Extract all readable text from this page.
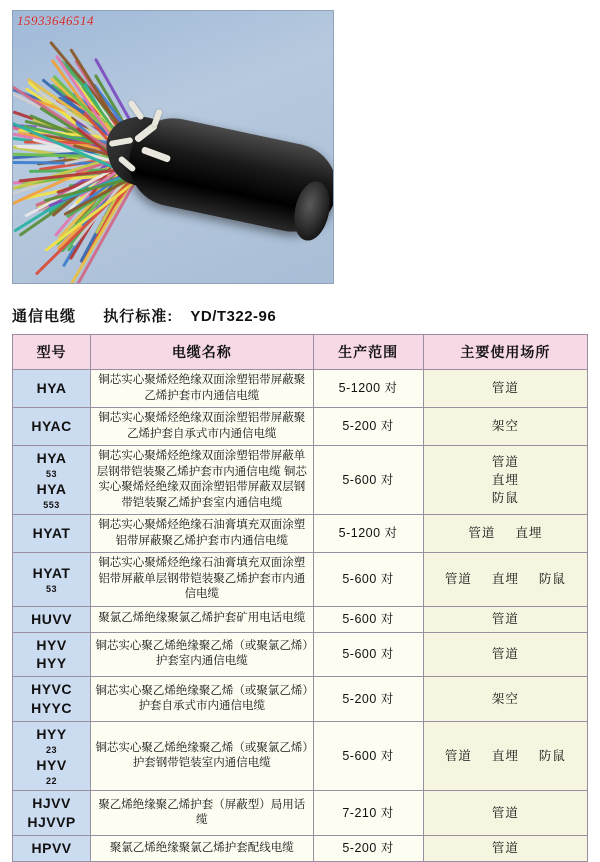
15933646514
通信电缆 执行标准: YD/T322-96
型号	电缆名称	生产范围	主要使用场所

HYA	铜芯实心聚烯烃绝缘双面涂塑铝带屏蔽聚乙烯护套市内通信电缆	5-1200 对	管道

HYAC	铜芯实心聚烯烃绝缘双面涂塑铝带屏蔽聚乙烯护套自承式市内通信电缆	5-200 对	架空

HYA
53
HYA
553	铜芯实心聚烯烃绝缘双面涂塑铝带屏蔽单层钢带铠装聚乙烯护套市内通信电缆 铜芯实心聚烯烃绝缘双面涂塑铝带屏蔽双层钢带铠装聚乙烯护套室内通信电缆	5-600 对	管道
直埋
防鼠

HYAT	铜芯实心聚烯烃绝缘石油膏填充双面涂塑铝带屏蔽聚乙烯护套市内通信电缆	5-1200 对	管道 直埋

HYAT
53	铜芯实心聚烯烃绝缘石油膏填充双面涂塑铝带屏蔽单层钢带铠装聚乙烯护套市内通信电缆	5-600 对	管道 直埋 防鼠

HUVV	聚氯乙烯绝缘聚氯乙烯护套矿用电话电缆	5-600 对	管道

HYV
HYY	铜芯实心聚乙烯绝缘聚乙烯（或聚氯乙烯）护套室内通信电缆	5-600 对	管道

HYVC
HYYC	铜芯实心聚乙烯绝缘聚乙烯（或聚氯乙烯）护套自承式市内通信电缆	5-200 对	架空

HYY
23
HYV
22	铜芯实心聚乙烯绝缘聚乙烯（或聚氯乙烯）护套钢带铠装室内通信电缆	5-600 对	管道 直埋 防鼠

HJVV
HJVVP	聚乙烯绝缘聚乙烯护套（屏蔽型）局用话缆	7-210 对	管道

HPVV	聚氯乙烯绝缘聚氯乙烯护套配线电缆	5-200 对	管道
